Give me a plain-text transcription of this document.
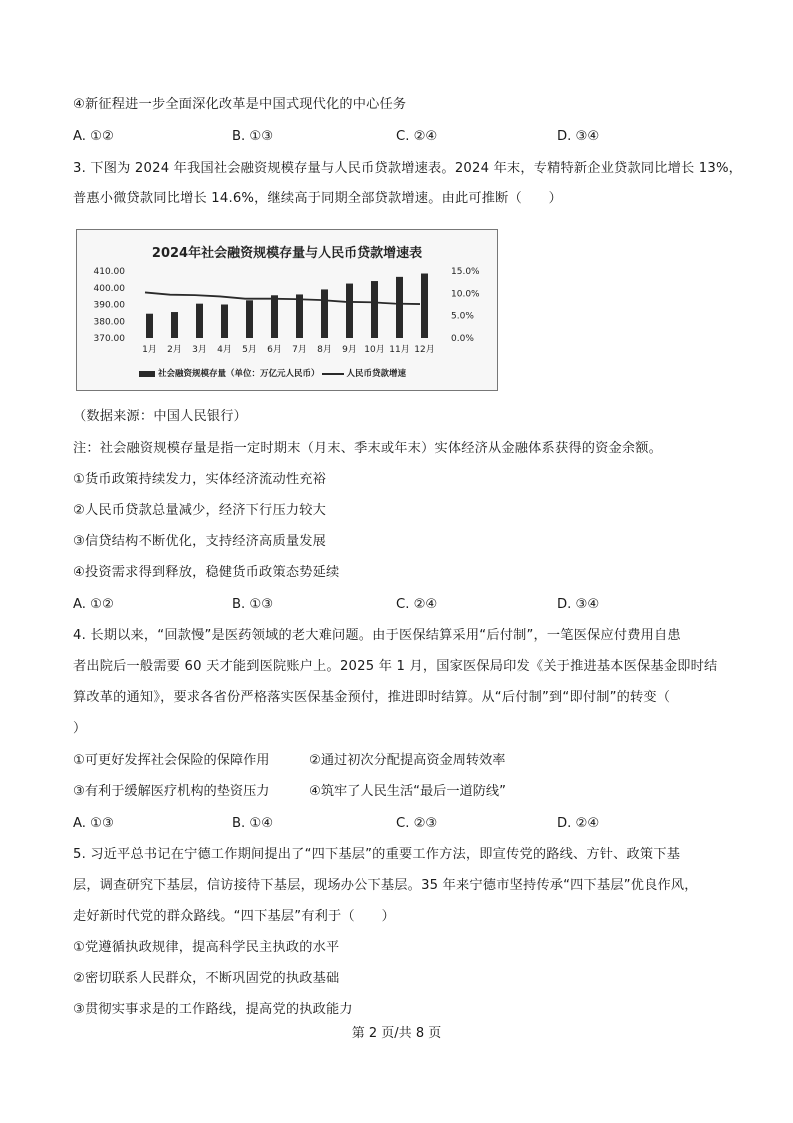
④新征程进一步全面深化改革是中国式现代化的中心任务
A. ①②	B. ①③	C. ②④	D. ③④
3. 下图为 2024 年我国社会融资规模存量与人民币贷款增速表。2024 年末，专精特新企业贷款同比增长 13%，
普惠小微贷款同比增长 14.6%，继续高于同期全部贷款增速。由此可推断（　　）
2024年社会融资规模存量与人民币贷款增速表
410.00
400.00
390.00
380.00
370.00
15.0%
10.0%
5.0%
0.0%
1月 2月 3月 4月 5月 6月 7月 8月 9月 10月 11月 12月
社会融资规模存量（单位：万亿元人民币）	人民币贷款增速
（数据来源：中国人民银行）
注：社会融资规模存量是指一定时期末（月末、季末或年末）实体经济从金融体系获得的资金余额。
①货币政策持续发力，实体经济流动性充裕
②人民币贷款总量减少，经济下行压力较大
③信贷结构不断优化，支持经济高质量发展
④投资需求得到释放，稳健货币政策态势延续
A. ①②	B. ①③	C. ②④	D. ③④
4. 长期以来，“回款慢”是医药领域的老大难问题。由于医保结算采用“后付制”，一笔医保应付费用自患
者出院后一般需要 60 天才能到医院账户上。2025 年 1 月，国家医保局印发《关于推进基本医保基金即时结
算改革的通知》，要求各省份严格落实医保基金预付，推进即时结算。从“后付制”到“即付制”的转变（
）
①可更好发挥社会保险的保障作用	②通过初次分配提高资金周转效率
③有利于缓解医疗机构的垫资压力	④筑牢了人民生活“最后一道防线”
A. ①③	B. ①④	C. ②③	D. ②④
5. 习近平总书记在宁德工作期间提出了“四下基层”的重要工作方法，即宣传党的路线、方针、政策下基
层，调查研究下基层，信访接待下基层，现场办公下基层。35 年来宁德市坚持传承“四下基层”优良作风，
走好新时代党的群众路线。“四下基层”有利于（　　）
①党遵循执政规律，提高科学民主执政的水平
②密切联系人民群众，不断巩固党的执政基础
③贯彻实事求是的工作路线，提高党的执政能力
第 2 页/共 8 页
